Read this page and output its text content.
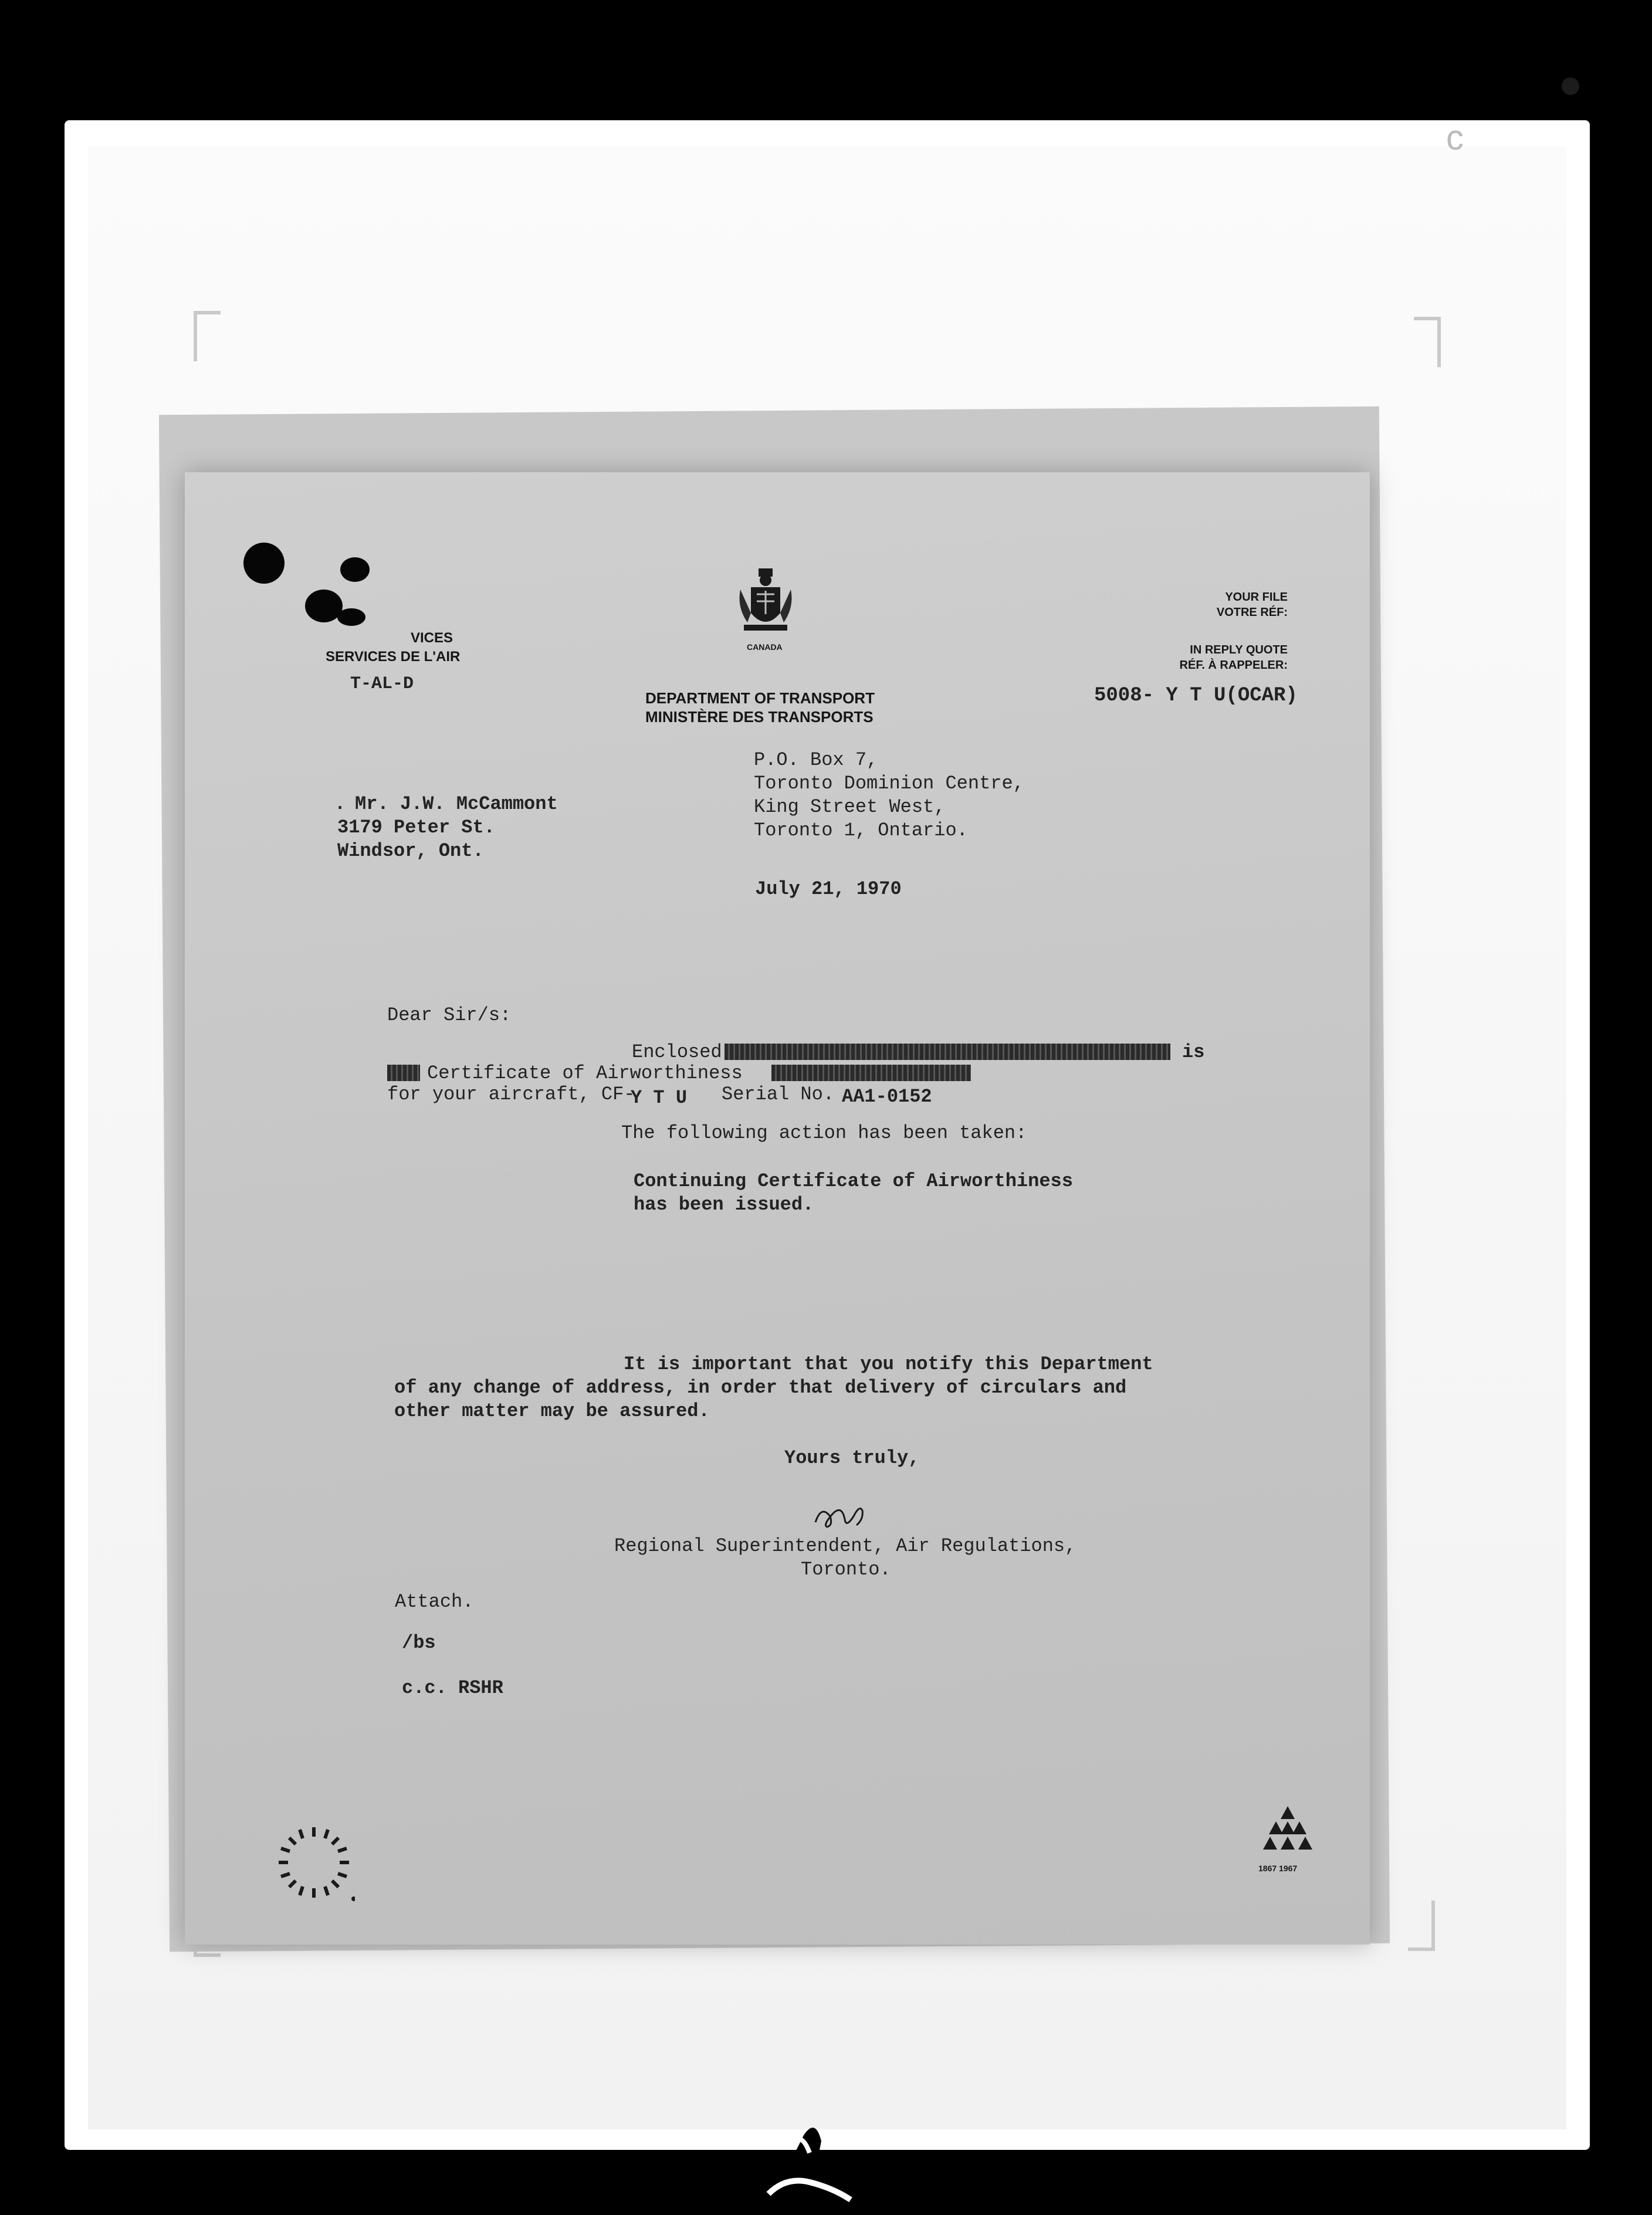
c
VICES
SERVICES DE L'AIR
T-AL-D
CANADA
DEPARTMENT OF TRANSPORT
MINISTÈRE DES TRANSPORTS
YOUR FILE
VOTRE RÉF:
IN REPLY QUOTE
RÉF. À RAPPELER:
5008- Y T U(OCAR)
P.O. Box 7,
Toronto Dominion Centre,
King Street West,
Toronto 1, Ontario.
. Mr. J.W. McCammont
3179 Peter St.
Windsor, Ont.
July 21, 1970
Dear Sir/s:
Enclosed	is
Certificate of Airworthiness
for your aircraft, CF-
Y T U Serial No. AA1-0152
The following action has been taken:
Continuing Certificate of Airworthiness
has been issued.
It is important that you notify this Department
of any change of address, in order that delivery of circulars and
other matter may be assured.
Yours truly,
Regional Superintendent, Air Regulations,
Toronto.
Attach.
/bs
c.c. RSHR
1867 1967
